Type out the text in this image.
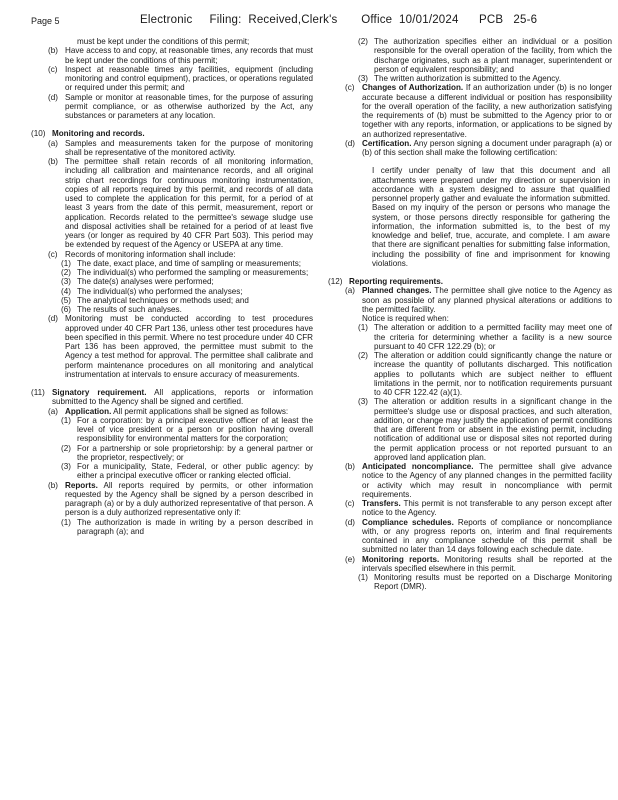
Page 5	Electronic     Filing:  Received,Clerk's       Office  10/01/2024      PCB   25-6

must be kept under the conditions of this permit;

(b) Have access to and copy, at reasonable times, any records that must be kept under the conditions of this permit;
(c) Inspect at reasonable times any facilities, equipment (including monitoring and control equipment), practices, or operations regulated or required under this permit; and
(d) Sample or monitor at reasonable times, for the purpose of assuring permit compliance, or as otherwise authorized by the Act, any substances or parameters at any location.
(10) Monitoring and records.
(a) Samples and measurements taken for the purpose of monitoring shall be representative of the monitored activity.
(b) The permittee shall retain records of all monitoring information, including all calibration and maintenance records, and all original strip chart recordings for continuous monitoring instrumentation, copies of all reports required by this permit, and records of all data used to complete the application for this permit, for a period of at least 3 years from the date of this permit, measurement, report or application. Records related to the permittee's sewage sludge use and disposal activities shall be retained for a period of at least five years (or longer as required by 40 CFR Part 503). This period may be extended by request of the Agency or USEPA at any time.
(c) Records of monitoring information shall include:
(1) The date, exact place, and time of sampling or measurements;
(2) The individual(s) who performed the sampling or measurements;
(3) The date(s) analyses were performed;
(4) The individual(s) who performed the analyses;
(5) The analytical techniques or methods used; and
(6) The results of such analyses.
(d) Monitoring must be conducted according to test procedures approved under 40 CFR Part 136, unless other test procedures have been specified in this permit. Where no test procedure under 40 CFR Part 136 has been approved, the permittee must submit to the Agency a test method for approval. The permittee shall calibrate and perform maintenance procedures on all monitoring and analytical instrumentation at intervals to ensure accuracy of measurements.
(11) Signatory requirement. All applications, reports or information submitted to the Agency shall be signed and certified.
(a) Application. All permit applications shall be signed as follows:
(1) For a corporation: by a principal executive officer of at least the level of vice president or a person or position having overall responsibility for environmental matters for the corporation;
(2) For a partnership or sole proprietorship: by a general partner or the proprietor, respectively; or
(3) For a municipality, State, Federal, or other public agency: by either a principal executive officer or ranking elected official.
(b) Reports. All reports required by permits, or other information requested by the Agency shall be signed by a person described in paragraph (a) or by a duly authorized representative of that person. A person is a duly authorized representative only if:
(1) The authorization is made in writing by a person described in paragraph (a); and
(2) The authorization specifies either an individual or a position responsible for the overall operation of the facility, from which the discharge originates, such as a plant manager, superintendent or person of equivalent responsibility; and
(3) The written authorization is submitted to the Agency.
(c) Changes of Authorization. If an authorization under (b) is no longer accurate because a different individual or position has responsibility for the overall operation of the facility, a new authorization satisfying the requirements of (b) must be submitted to the Agency prior to or together with any reports, information, or applications to be signed by an authorized representative.
(d) Certification. Any person signing a document under paragraph (a) or (b) of this section shall make the following certification:

I certify under penalty of law that this document and all attachments were prepared under my direction or supervision in accordance with a system designed to assure that qualified personnel properly gather and evaluate the information submitted. Based on my inquiry of the person or persons who manage the system, or those persons directly responsible for gathering the information, the information submitted is, to the best of my knowledge and belief, true, accurate, and complete. I am aware that there are significant penalties for submitting false information, including the possibility of fine and imprisonment for knowing violations.

(12) Reporting requirements.
(a) Planned changes. The permittee shall give notice to the Agency as soon as possible of any planned physical alterations or additions to the permitted facility.

Notice is required when:

(1) The alteration or addition to a permitted facility may meet one of the criteria for determining whether a facility is a new source pursuant to 40 CFR 122.29 (b); or
(2) The alteration or addition could significantly change the nature or increase the quantity of pollutants discharged. This notification applies to pollutants which are subject neither to effluent limitations in the permit, nor to notification requirements pursuant to 40 CFR 122.42 (a)(1).
(3) The alteration or addition results in a significant change in the permittee's sludge use or disposal practices, and such alteration, addition, or change may justify the application of permit conditions that are different from or absent in the existing permit, including notification of additional use or disposal sites not reported during the permit application process or not reported pursuant to an approved land application plan.
(b) Anticipated noncompliance. The permittee shall give advance notice to the Agency of any planned changes in the permitted facility or activity which may result in noncompliance with permit requirements.
(c) Transfers. This permit is not transferable to any person except after notice to the Agency.
(d) Compliance schedules. Reports of compliance or noncompliance with, or any progress reports on, interim and final requirements contained in any compliance schedule of this permit shall be submitted no later than 14 days following each schedule date.
(e) Monitoring reports. Monitoring results shall be reported at the intervals specified elsewhere in this permit.
(1) Monitoring results must be reported on a Discharge Monitoring Report (DMR).
